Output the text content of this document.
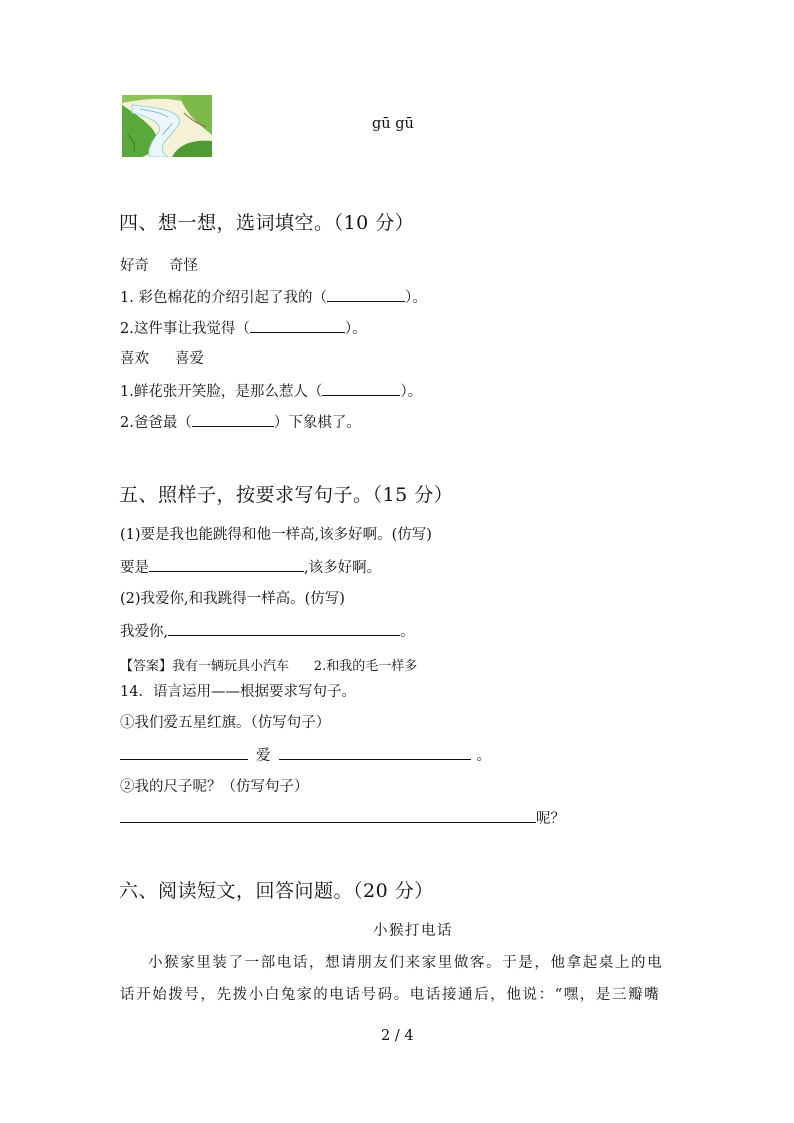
gū gū
四、想一想，选词填空。（10 分）
好奇 奇怪
1. 彩色棉花的介绍引起了我的（	）。
2.这件事让我觉得（	）。
喜欢 喜爱
1.鲜花张开笑脸，是那么惹人（	）。
2.爸爸最（	）下象棋了。
五、照样子，按要求写句子。（15 分）
(1)要是我也能跳得和他一样高,该多好啊。(仿写)
要是	,该多好啊。
(2)我爱你,和我跳得一样高。(仿写)
我爱你,	。
【答案】我有一辆玩具小汽车      2.和我的毛一样多
14．语言运用——根据要求写句子。
①我们爱五星红旗。（仿写句子）
爱	。
②我的尺子呢？（仿写句子）
呢？
六、阅读短文，回答问题。（20 分）
小猴打电话
小猴家里装了一部电话，想请朋友们来家里做客。于是，他拿起桌上的电
话开始拨号，先拨小白兔家的电话号码。电话接通后，他说：“嘿，是三瓣嘴
2 / 4
